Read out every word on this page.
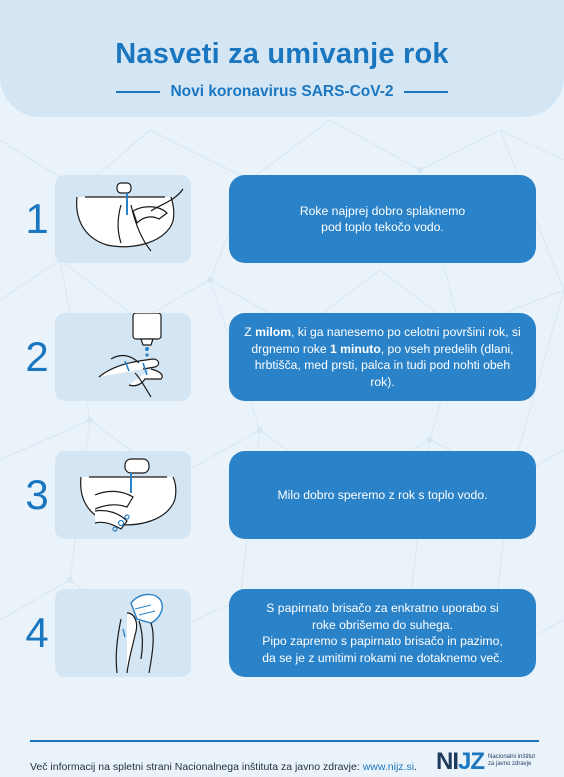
Nasveti za umivanje rok
Novi koronavirus SARS-CoV-2
1	Roke najprej dobro splaknemo
pod toplo tekočo vodo.

2

Z milom, ki ga nanesemo po celotni površini rok, si drgnemo roke 1 minuto, po vseh predelih (dlani, hrbtišča, med prsti, palca in tudi pod nohti obeh rok).

3	Milo dobro speremo z rok s toplo vodo.

4

S papirnato brisačo za enkratno uporabo si
roke obrišemo do suhega.
Pipo zapremo s papirnato brisačo in pazimo,
da se je z umitimi rokami ne dotaknemo več.

Več informacij na spletni strani Nacionalnega inštituta za javno zdravje: www.nijz.si. NIJZ Nacionalni inštitut
za javno zdravje
